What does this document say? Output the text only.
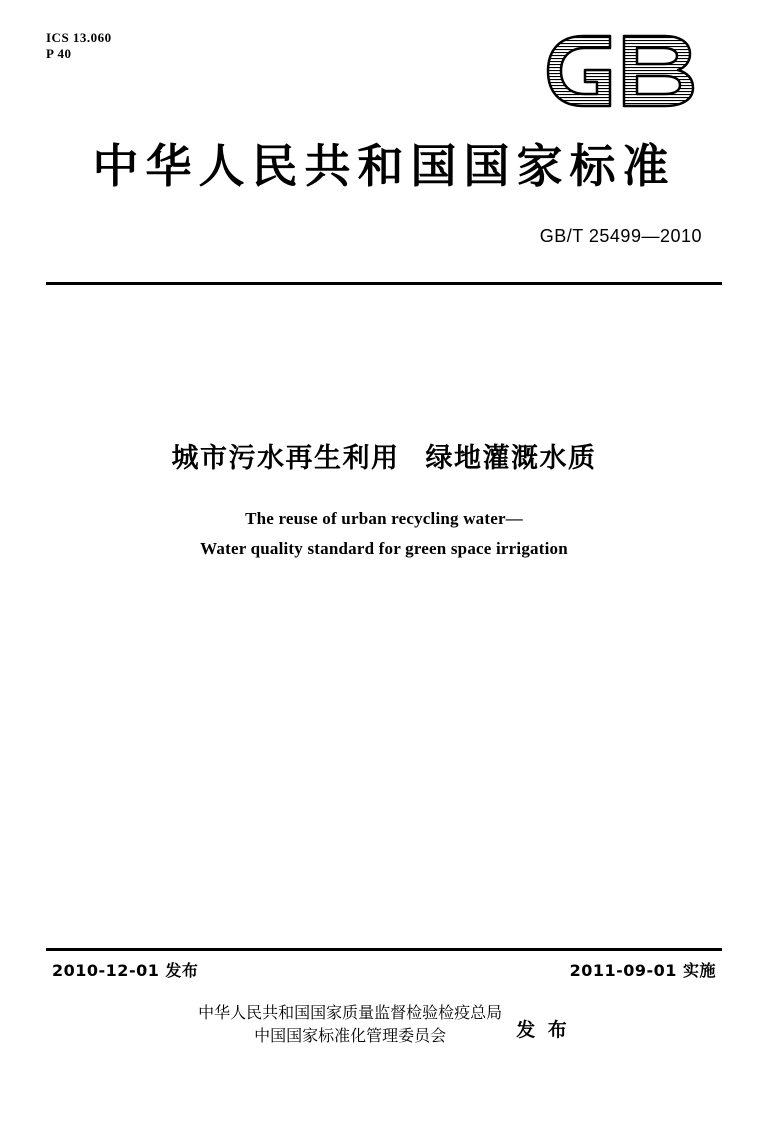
ICS 13.060
P 40
中华人民共和国国家标准
GB/T 25499—2010
城市污水再生利用 绿地灌溉水质
The reuse of urban recycling water—
Water quality standard for green space irrigation
2010-12-01 发布	2011-09-01 实施
中华人民共和国国家质量监督检验检疫总局
中国国家标准化管理委员会	发 布
